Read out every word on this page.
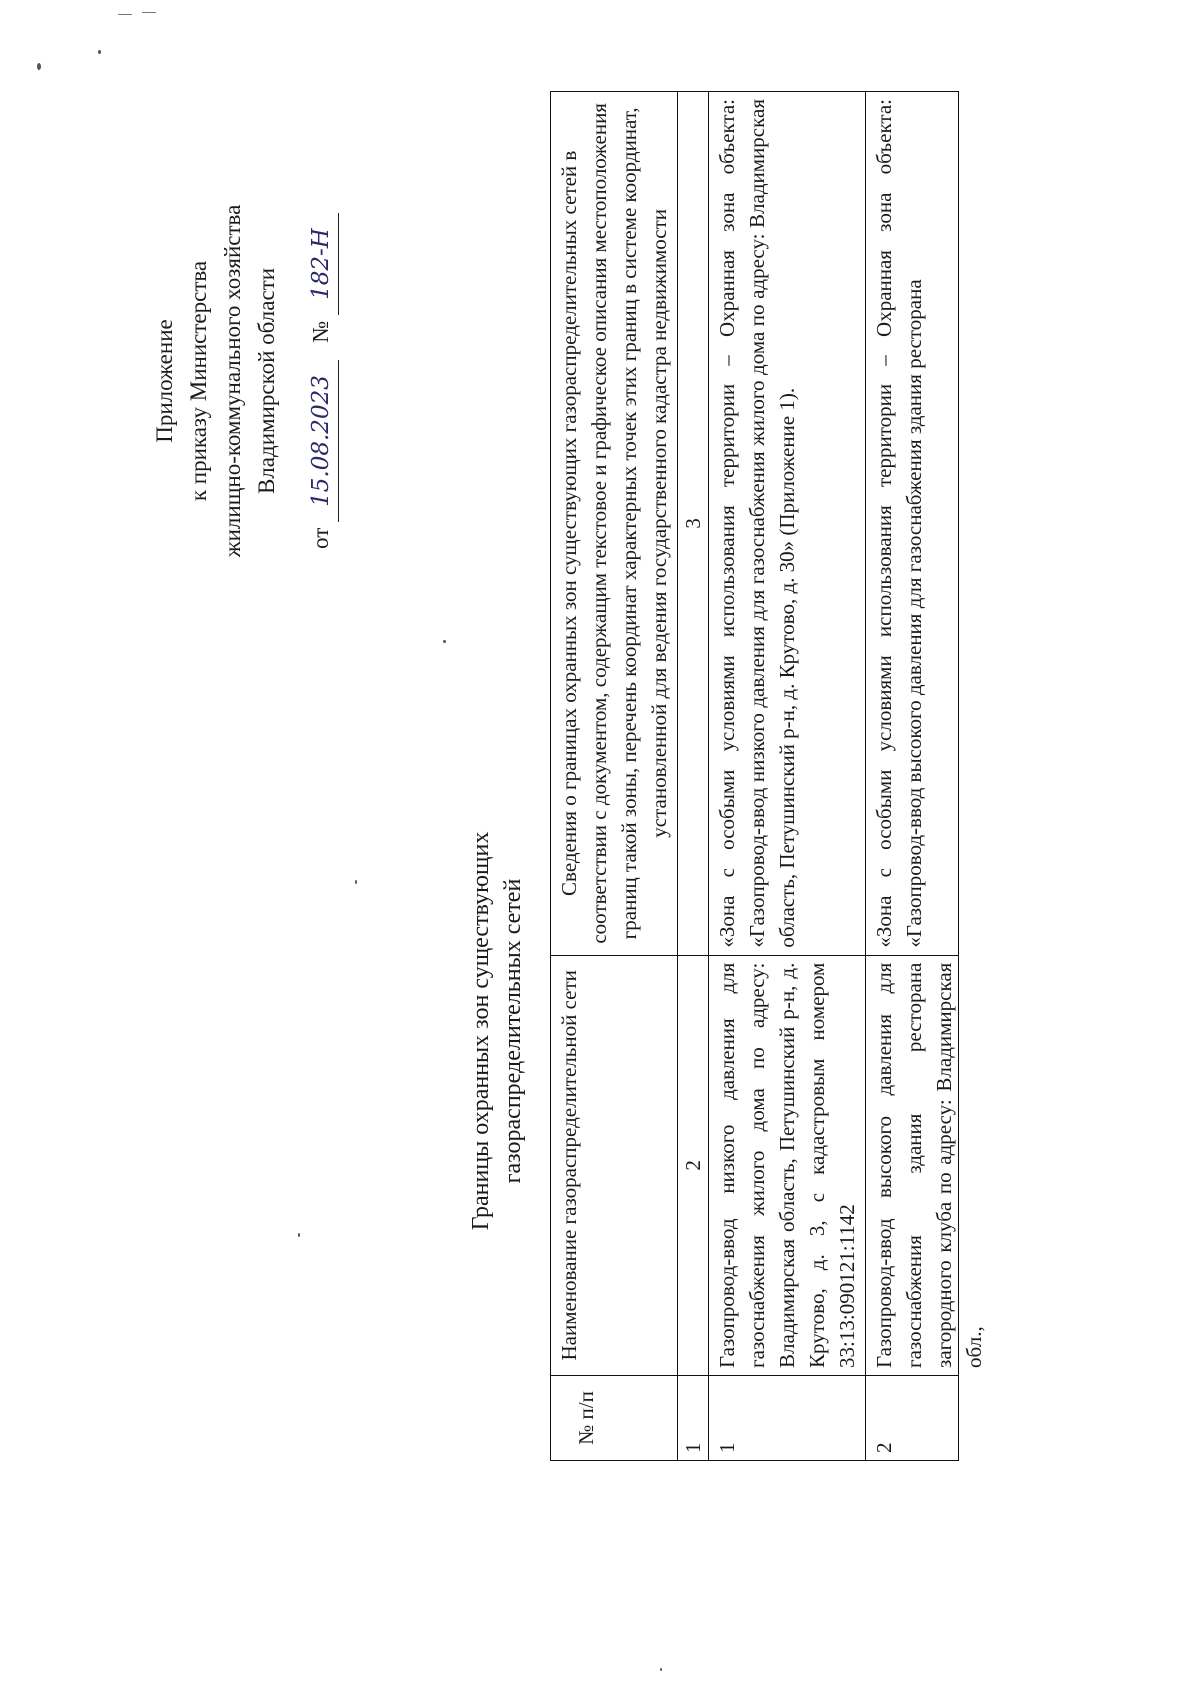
Приложение к приказу Министерства жилищно-коммунального хозяйства Владимирской области
от 15.08.2023   № 182-Н
Границы охранных зон существующих газораспределительных сетей
№ п/п	Наименование газораспределительной сети	Сведения о границах охранных зон существующих газораспределительных сетей в соответствии с документом, содержащим текстовое и графическое описания местоположения границ такой зоны, перечень координат характерных точек этих границ в системе координат, установленной для ведения государственного кадастра недвижимости
1	2	3
1	Газопровод-ввод низкого давления для газоснабжения жилого дома по адресу: Владимирская область, Петушинский р-н, д. Крутово, д. 3, с кадастровым номером 33:13:090121:1142	«Зона с особыми условиями использования территории – Охранная зона объекта: «Газопровод-ввод низкого давления для газоснабжения жилого дома по адресу: Владимирская область, Петушинский р-н, д. Крутово, д. 30» (Приложение 1).

2	Газопровод-ввод высокого давления для газоснабжения здания ресторана загородного клуба по адресу: Владимирская обл.,	«Зона с особыми условиями использования территории – Охранная зона объекта: «Газопровод-ввод высокого давления для газоснабжения здания ресторана
